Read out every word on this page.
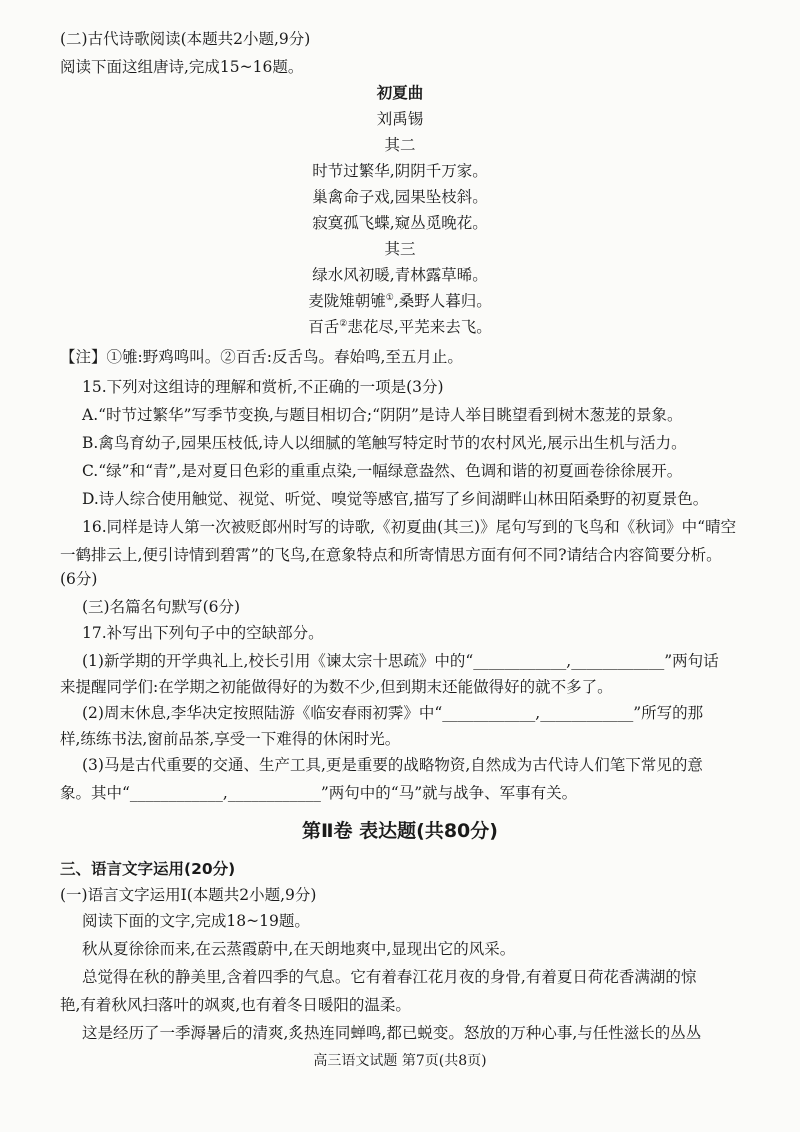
(二)古代诗歌阅读(本题共2小题,9分)
阅读下面这组唐诗,完成15~16题。
初夏曲
刘禹锡
其二
时节过繁华,阴阴千万家。
巢禽命子戏,园果坠枝斜。
寂寞孤飞蝶,窥丛觅晚花。
其三
绿水风初暖,青林露草晞。
麦陇雉朝雊①,桑野人暮归。
百舌②悲花尽,平芜来去飞。
【注】①雊:野鸡鸣叫。②百舌:反舌鸟。春始鸣,至五月止。
15.下列对这组诗的理解和赏析,不正确的一项是(3分)
A.“时节过繁华”写季节变换,与题目相切合;“阴阴”是诗人举目眺望看到树木葱茏的景象。
B.禽鸟育幼子,园果压枝低,诗人以细腻的笔触写特定时节的农村风光,展示出生机与活力。
C.“绿”和“青”,是对夏日色彩的重重点染,一幅绿意盎然、色调和谐的初夏画卷徐徐展开。
D.诗人综合使用触觉、视觉、听觉、嗅觉等感官,描写了乡间湖畔山林田陌桑野的初夏景色。
16.同样是诗人第一次被贬郎州时写的诗歌,《初夏曲(其三)》尾句写到的飞鸟和《秋词》中“晴空
一鹤排云上,便引诗情到碧霄”的飞鸟,在意象特点和所寄情思方面有何不同?请结合内容简要分析。
(6分)
(三)名篇名句默写(6分)
17.补写出下列句子中的空缺部分。
(1)新学期的开学典礼上,校长引用《谏太宗十思疏》中的“____________,____________”两句话
来提醒同学们:在学期之初能做得好的为数不少,但到期末还能做得好的就不多了。
(2)周末休息,李华决定按照陆游《临安春雨初霁》中“____________,____________”所写的那
样,练练书法,窗前品茶,享受一下难得的休闲时光。
(3)马是古代重要的交通、生产工具,更是重要的战略物资,自然成为古代诗人们笔下常见的意
象。其中“____________,____________”两句中的“马”就与战争、军事有关。
第Ⅱ卷 表达题(共80分)
三、语言文字运用(20分)
(一)语言文字运用Ⅰ(本题共2小题,9分)
阅读下面的文字,完成18~19题。
秋从夏徐徐而来,在云蒸霞蔚中,在天朗地爽中,显现出它的风采。
总觉得在秋的静美里,含着四季的气息。它有着春江花月夜的身骨,有着夏日荷花香满湖的惊
艳,有着秋风扫落叶的飒爽,也有着冬日暖阳的温柔。
这是经历了一季溽暑后的清爽,炙热连同蝉鸣,都已蜕变。怒放的万种心事,与任性滋长的丛丛
高三语文试题 第7页(共8页)
